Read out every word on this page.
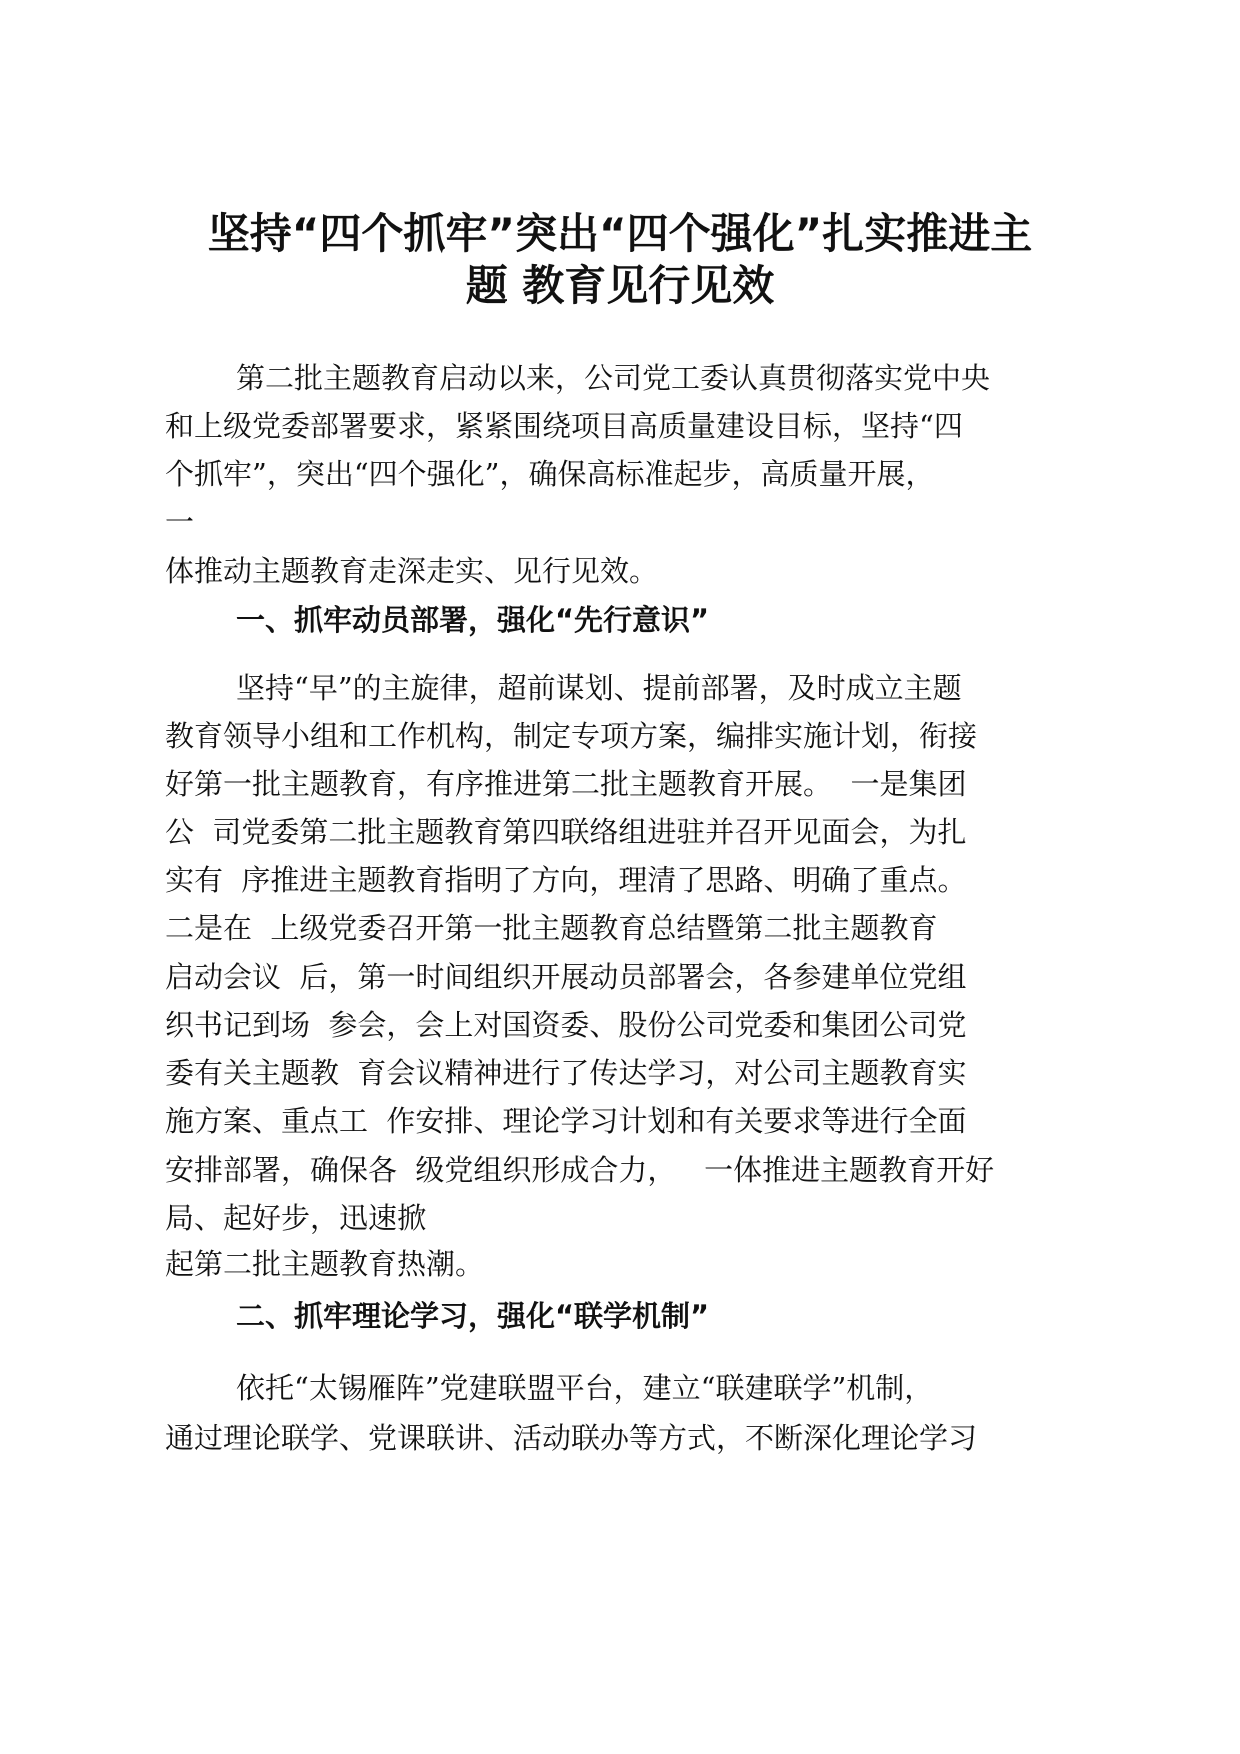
坚持“四个抓牢”突出“四个强化”扎实推进主
题 教育见行见效
第二批主题教育启动以来，公司党工委认真贯彻落实党中央
和上级党委部署要求，紧紧围绕项目高质量建设目标，坚持“四
个抓牢”，突出“四个强化”，确保高标准起步，高质量开展，
一
体推动主题教育走深走实、见行见效。
一、抓牢动员部署，强化“先行意识”
坚持“早”的主旋律，超前谋划、提前部署，及时成立主题
教育领导小组和工作机构，制定专项方案，编排实施计划，衔接
好第一批主题教育，有序推进第二批主题教育开展。  一是集团
公  司党委第二批主题教育第四联络组进驻并召开见面会，为扎
实有  序推进主题教育指明了方向，理清了思路、明确了重点。
二是在  上级党委召开第一批主题教育总结暨第二批主题教育
启动会议  后，第一时间组织开展动员部署会，各参建单位党组
织书记到场  参会，会上对国资委、股份公司党委和集团公司党
委有关主题教  育会议精神进行了传达学习，对公司主题教育实
施方案、重点工  作安排、理论学习计划和有关要求等进行全面
安排部署，确保各  级党组织形成合力，   一体推进主题教育开好
局、起好步，迅速掀
起第二批主题教育热潮。
二、抓牢理论学习，强化“联学机制”
依托“太锡雁阵”党建联盟平台，建立“联建联学”机制，
通过理论联学、党课联讲、活动联办等方式，不断深化理论学习
